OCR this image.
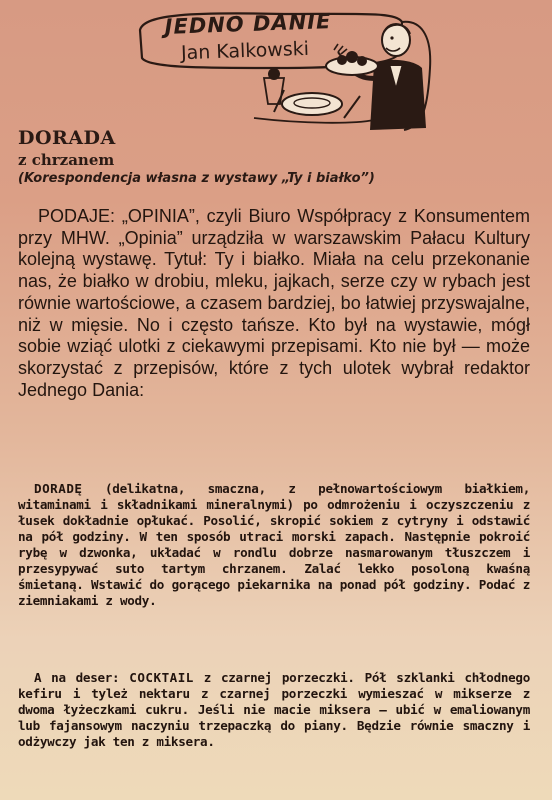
JEDNO DANIE
Jan Kalkowski
DORADA
z chrzanem
(Korespondencja własna z wystawy „Ty i białko”)
PODAJE: „OPINIA”, czyli Biuro Współpracy z Konsumentem przy MHW. „Opinia” urządziła w warszawskim Pałacu Kultury kolejną wystawę. Tytuł: Ty i białko. Miała na celu przekonanie nas, że białko w drobiu, mleku, jajkach, serze czy w rybach jest równie wartościowe, a czasem bardziej, bo łatwiej przyswajalne, niż w mięsie. No i często tańsze. Kto był na wystawie, mógł sobie wziąć ulotki z ciekawymi przepisami. Kto nie był — może skorzystać z przepisów, które z tych ulotek wybrał redaktor Jednego Dania:
DORADĘ (delikatna, smaczna, z pełnowartościowym białkiem, witaminami i składnikami mineralnymi) po odmrożeniu i oczyszczeniu z łusek dokładnie opłukać. Posolić, skropić sokiem z cytryny i odstawić na pół godziny. W ten sposób utraci morski zapach. Następnie pokroić rybę w dzwonka, układać w rondlu dobrze nasmarowanym tłuszczem i przesypywać suto tartym chrzanem. Zalać lekko posoloną kwaśną śmietaną. Wstawić do gorącego piekarnika na ponad pół godziny. Podać z ziemniakami z wody.
A na deser: COCKTAIL z czarnej porzeczki. Pół szklanki chłodnego kefiru i tyleż nektaru z czarnej porzeczki wymieszać w mikserze z dwoma łyżeczkami cukru. Jeśli nie macie miksera — ubić w emaliowanym lub fajansowym naczyniu trzepaczką do piany. Będzie równie smaczny i odżywczy jak ten z miksera.
